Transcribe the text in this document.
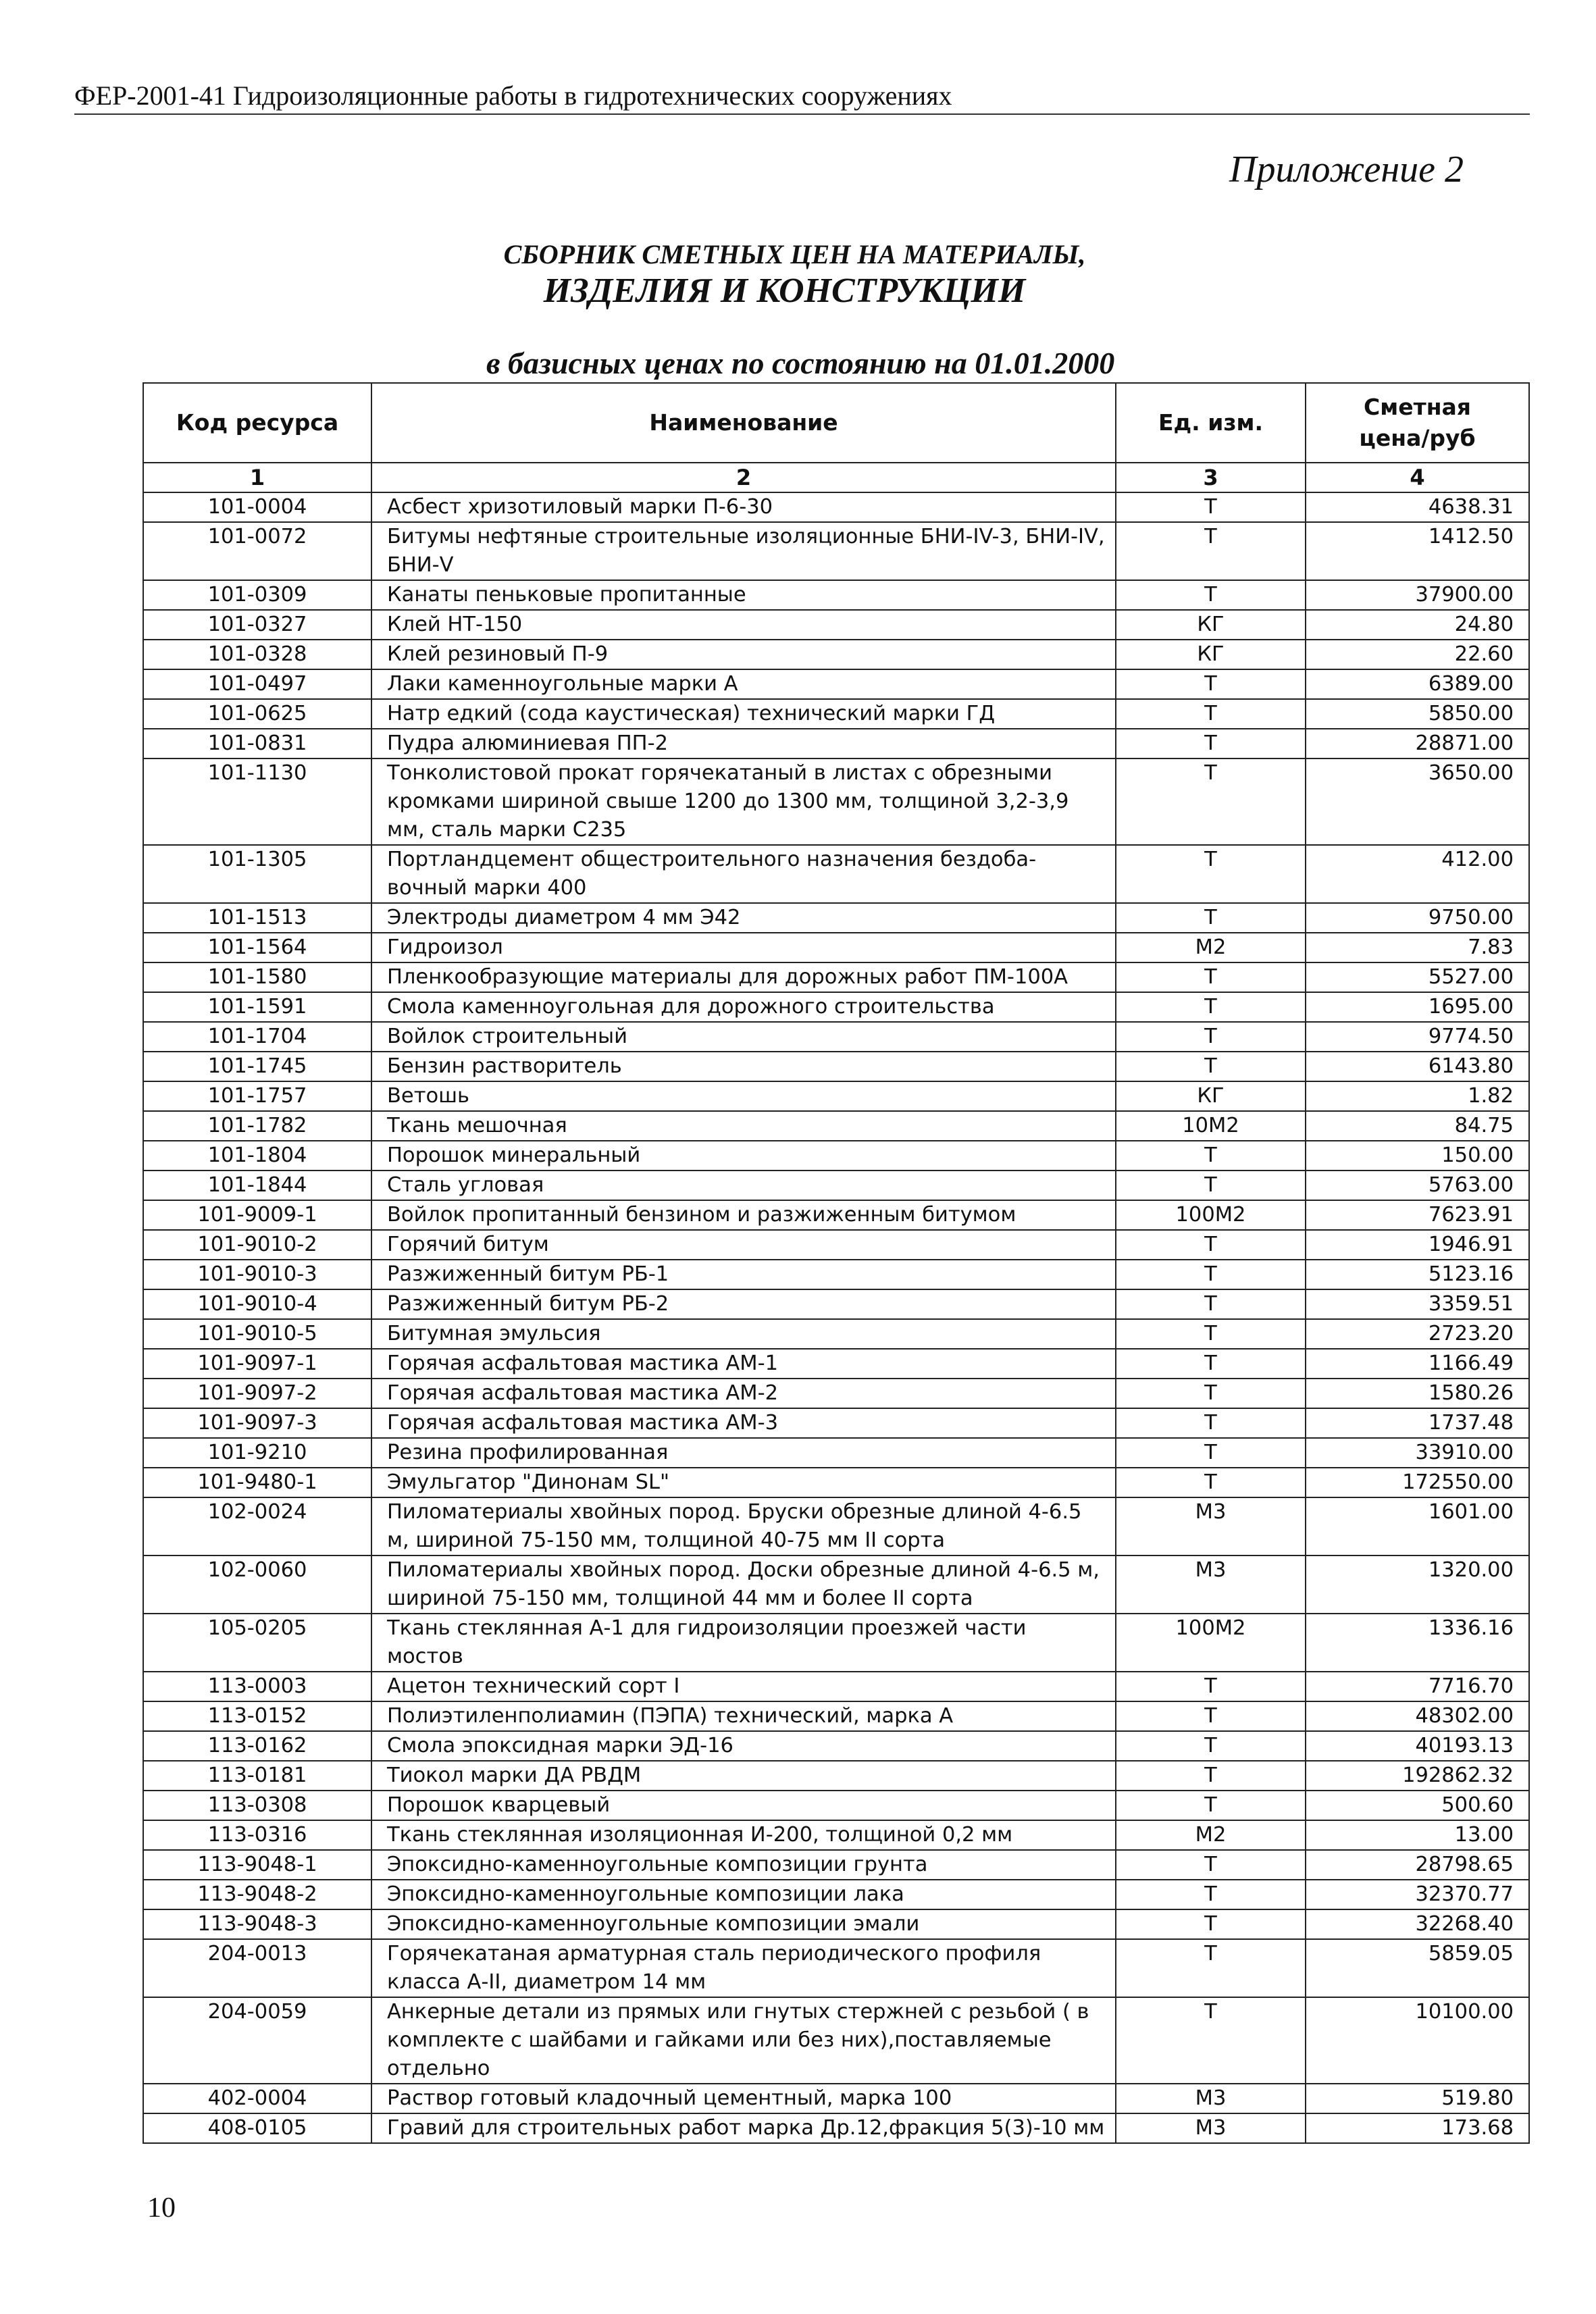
ФЕР-2001-41 Гидроизоляционные работы в гидротехнических сооружениях
Приложение 2
СБОРНИК СМЕТНЫХ ЦЕН НА МАТЕРИАЛЫ,
ИЗДЕЛИЯ И КОНСТРУКЦИИ
в базисных ценах по состоянию на 01.01.2000
Код ресурса	Наименование	Ед. изм.	Сметная цена/руб
1	2	3	4
101-0004	Асбест хризотиловый марки П-6-30	Т	4638.31
101-0072	Битумы нефтяные строительные изоляционные БНИ-IV-3, БНИ-IV, БНИ-V	Т	1412.50
101-0309	Канаты пеньковые пропитанные	Т	37900.00
101-0327	Клей НТ-150	КГ	24.80
101-0328	Клей резиновый П-9	КГ	22.60
101-0497	Лаки каменноугольные марки А	Т	6389.00
101-0625	Натр едкий (сода каустическая) технический марки ГД	Т	5850.00
101-0831	Пудра алюминиевая ПП-2	Т	28871.00
101-1130	Тонколистовой прокат горячекатаный в листах с обрезными кромками шириной свыше 1200 до 1300 мм, толщиной 3,2-3,9 мм, сталь марки С235	Т	3650.00
101-1305	Портландцемент общестроительного назначения бездобавочный марки 400	Т	412.00
101-1513	Электроды диаметром 4 мм Э42	Т	9750.00
101-1564	Гидроизол	М2	7.83
101-1580	Пленкообразующие материалы для дорожных работ ПМ-100А	Т	5527.00
101-1591	Смола каменноугольная для дорожного строительства	Т	1695.00
101-1704	Войлок строительный	Т	9774.50
101-1745	Бензин растворитель	Т	6143.80
101-1757	Ветошь	КГ	1.82
101-1782	Ткань мешочная	10М2	84.75
101-1804	Порошок минеральный	Т	150.00
101-1844	Сталь угловая	Т	5763.00
101-9009-1	Войлок пропитанный бензином и разжиженным битумом	100М2	7623.91
101-9010-2	Горячий битум	Т	1946.91
101-9010-3	Разжиженный битум РБ-1	Т	5123.16
101-9010-4	Разжиженный битум РБ-2	Т	3359.51
101-9010-5	Битумная эмульсия	Т	2723.20
101-9097-1	Горячая асфальтовая мастика АМ-1	Т	1166.49
101-9097-2	Горячая асфальтовая мастика АМ-2	Т	1580.26
101-9097-3	Горячая асфальтовая мастика АМ-3	Т	1737.48
101-9210	Резина профилированная	Т	33910.00
101-9480-1	Эмульгатор "Динонам SL"	Т	172550.00
102-0024	Пиломатериалы хвойных пород. Бруски обрезные длиной 4-6.5 м, шириной 75-150 мм, толщиной 40-75 мм II сорта	М3	1601.00
102-0060	Пиломатериалы хвойных пород. Доски обрезные длиной 4-6.5 м, шириной 75-150 мм, толщиной 44 мм и более II сорта	М3	1320.00
105-0205	Ткань стеклянная А-1 для гидроизоляции проезжей части мостов	100М2	1336.16
113-0003	Ацетон технический сорт I	Т	7716.70
113-0152	Полиэтиленполиамин (ПЭПА) технический, марка А	Т	48302.00
113-0162	Смола эпоксидная марки ЭД-16	Т	40193.13
113-0181	Тиокол марки ДА РВДМ	Т	192862.32
113-0308	Порошок кварцевый	Т	500.60
113-0316	Ткань стеклянная изоляционная И-200, толщиной 0,2 мм	М2	13.00
113-9048-1	Эпоксидно-каменноугольные композиции грунта	Т	28798.65
113-9048-2	Эпоксидно-каменноугольные композиции лака	Т	32370.77
113-9048-3	Эпоксидно-каменноугольные композиции эмали	Т	32268.40
204-0013	Горячекатаная арматурная сталь периодического профиля класса А-II, диаметром 14 мм	Т	5859.05
204-0059	Анкерные детали из прямых или гнутых стержней с резьбой ( в комплекте с шайбами и гайками или без них),поставляемые отдельно	Т	10100.00
402-0004	Раствор готовый кладочный цементный, марка 100	М3	519.80
408-0105	Гравий для строительных работ марка Др.12,фракция 5(3)-10 мм	М3	173.68
10
